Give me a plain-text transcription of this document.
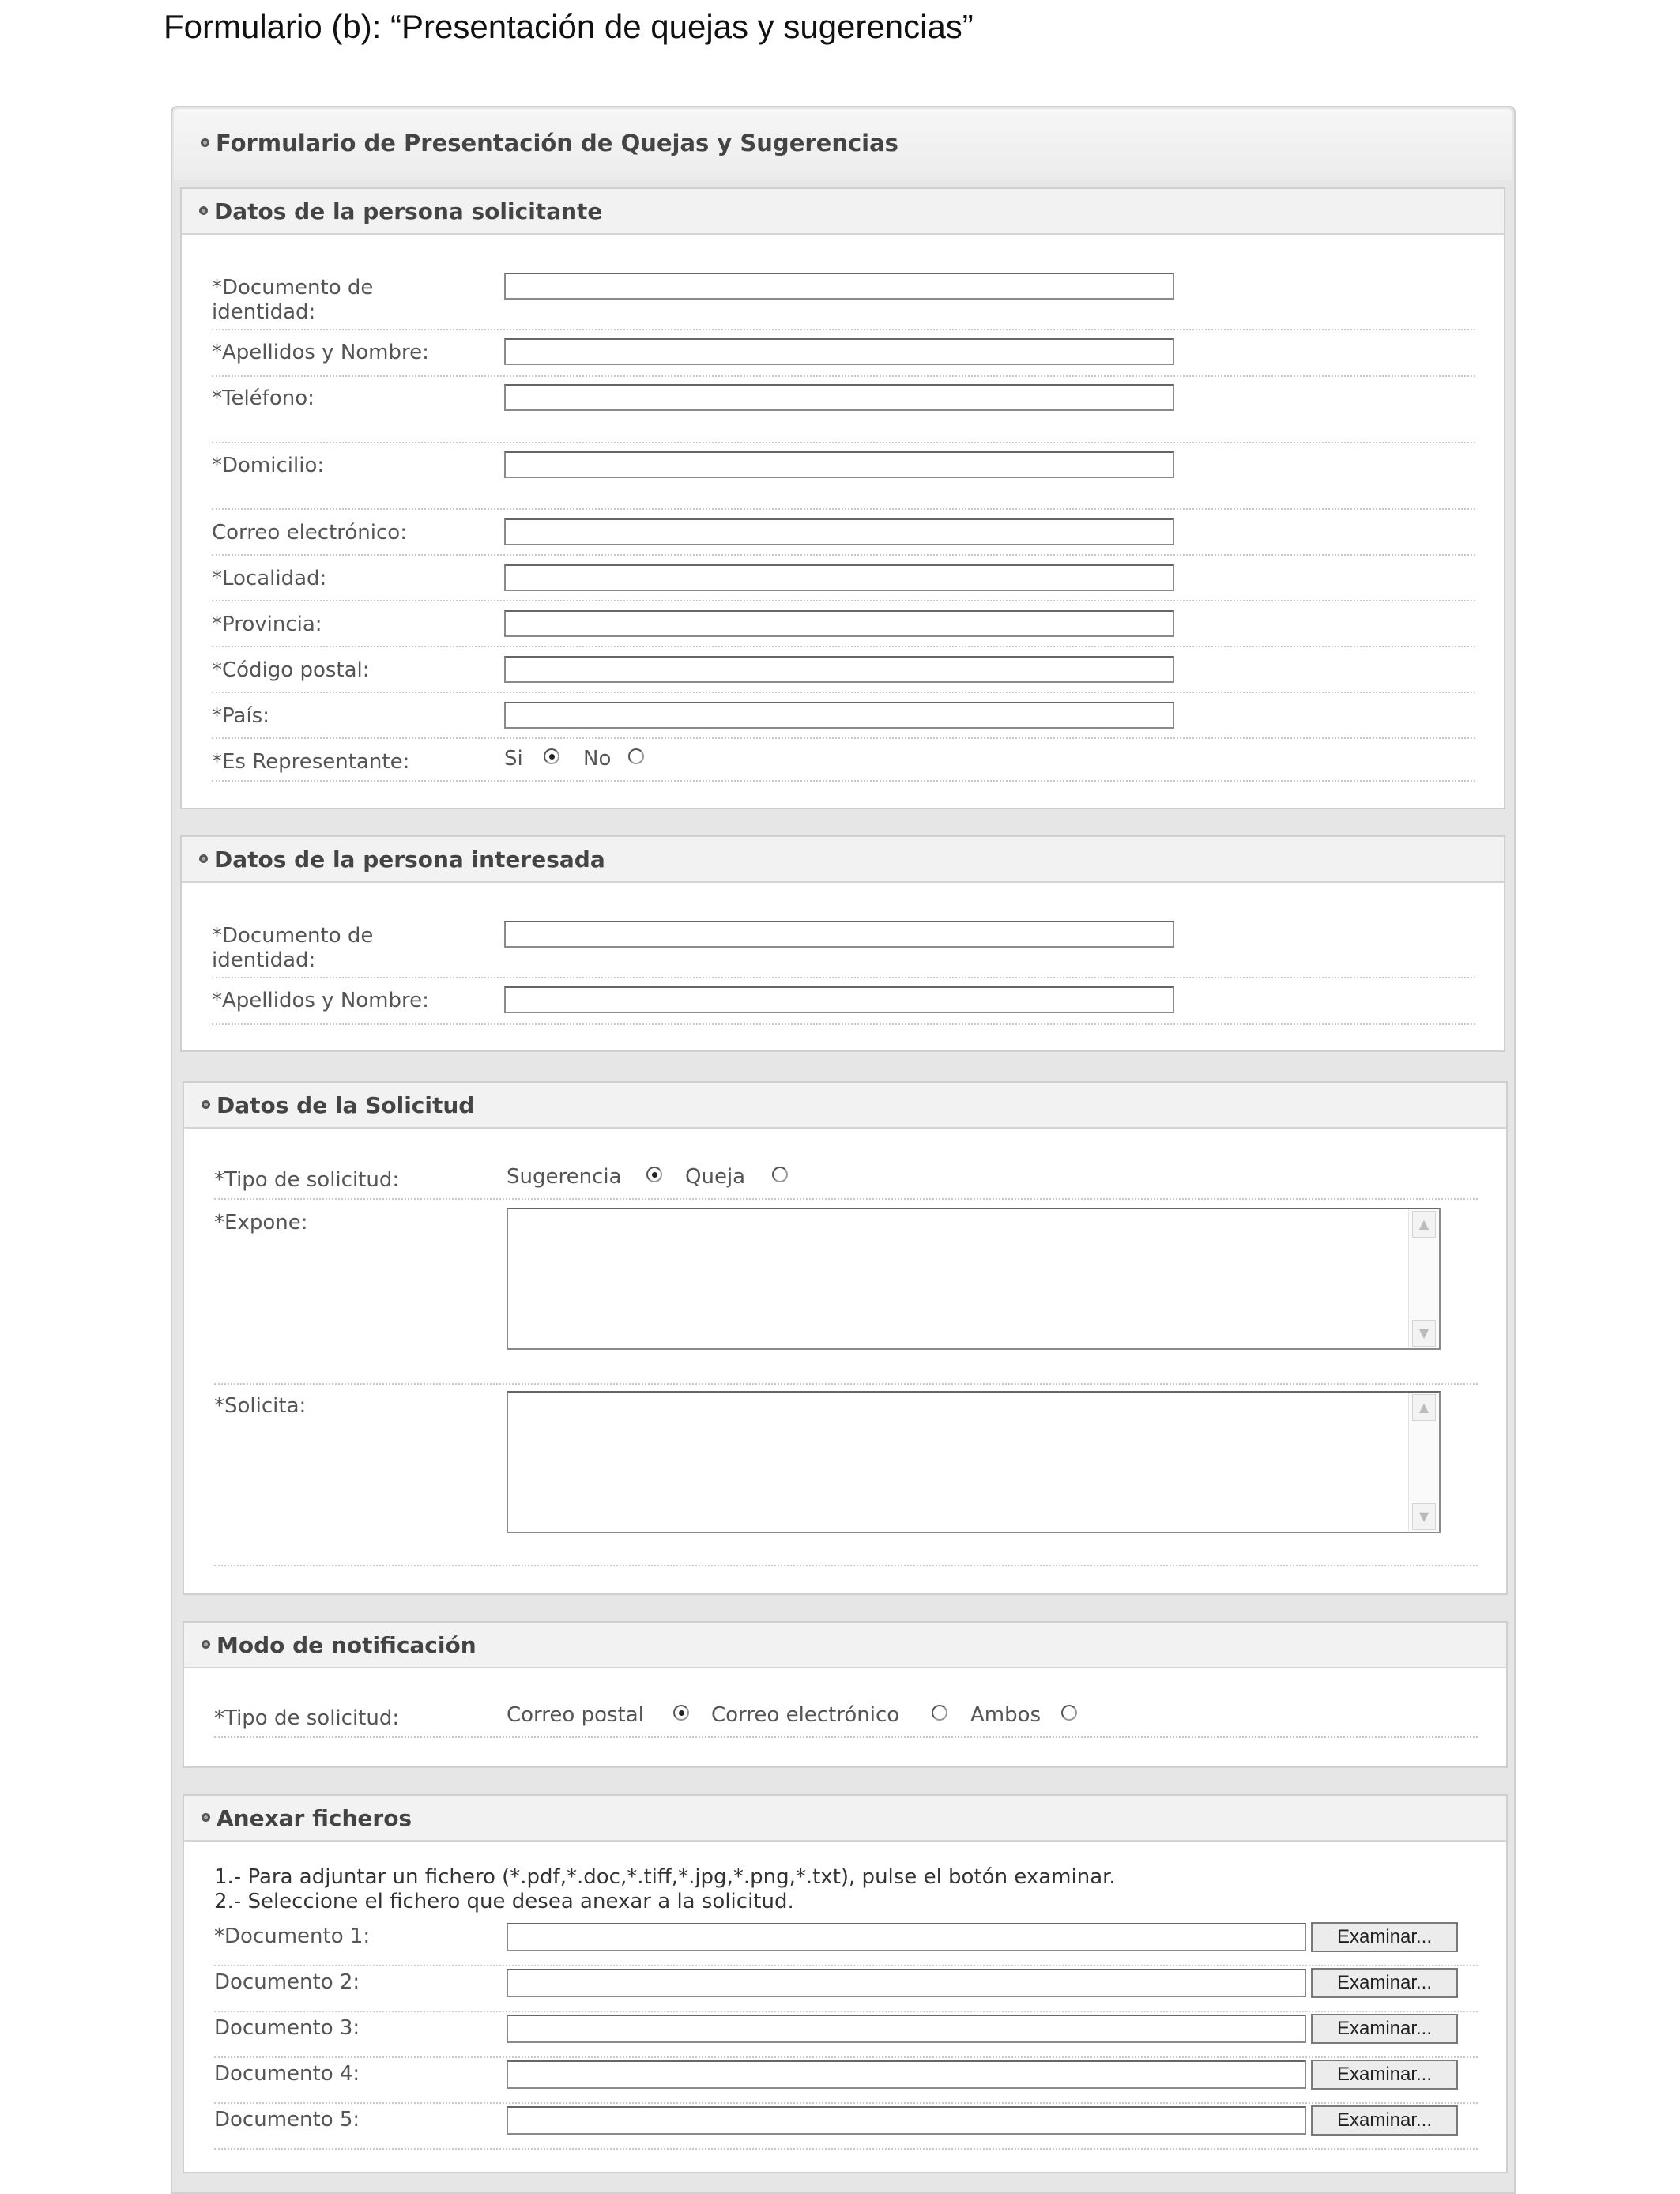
Formulario (b): “Presentación de quejas y sugerencias”
Formulario de Presentación de Quejas y Sugerencias
Datos de la persona solicitante
*Documento de
identidad:
*Apellidos y Nombre:
*Teléfono:
*Domicilio:
Correo electrónico:
*Localidad:
*Provincia:
*Código postal:
*País:
*Es Representante:	Si	No
Datos de la persona interesada
*Documento de
identidad:
*Apellidos y Nombre:
Datos de la Solicitud
*Tipo de solicitud:	Sugerencia	Queja
*Expone:	▲
▼
*Solicita:	▲
▼
Modo de notificación
*Tipo de solicitud:	Correo postal	Correo electrónico	Ambos
Anexar ficheros
1.- Para adjuntar un fichero (*.pdf,*.doc,*.tiff,*.jpg,*.png,*.txt), pulse el botón examinar.
2.- Seleccione el fichero que desea anexar a la solicitud.
*Documento 1:	Examinar...
Documento 2:	Examinar...
Documento 3:	Examinar...
Documento 4:	Examinar...
Documento 5:	Examinar...
